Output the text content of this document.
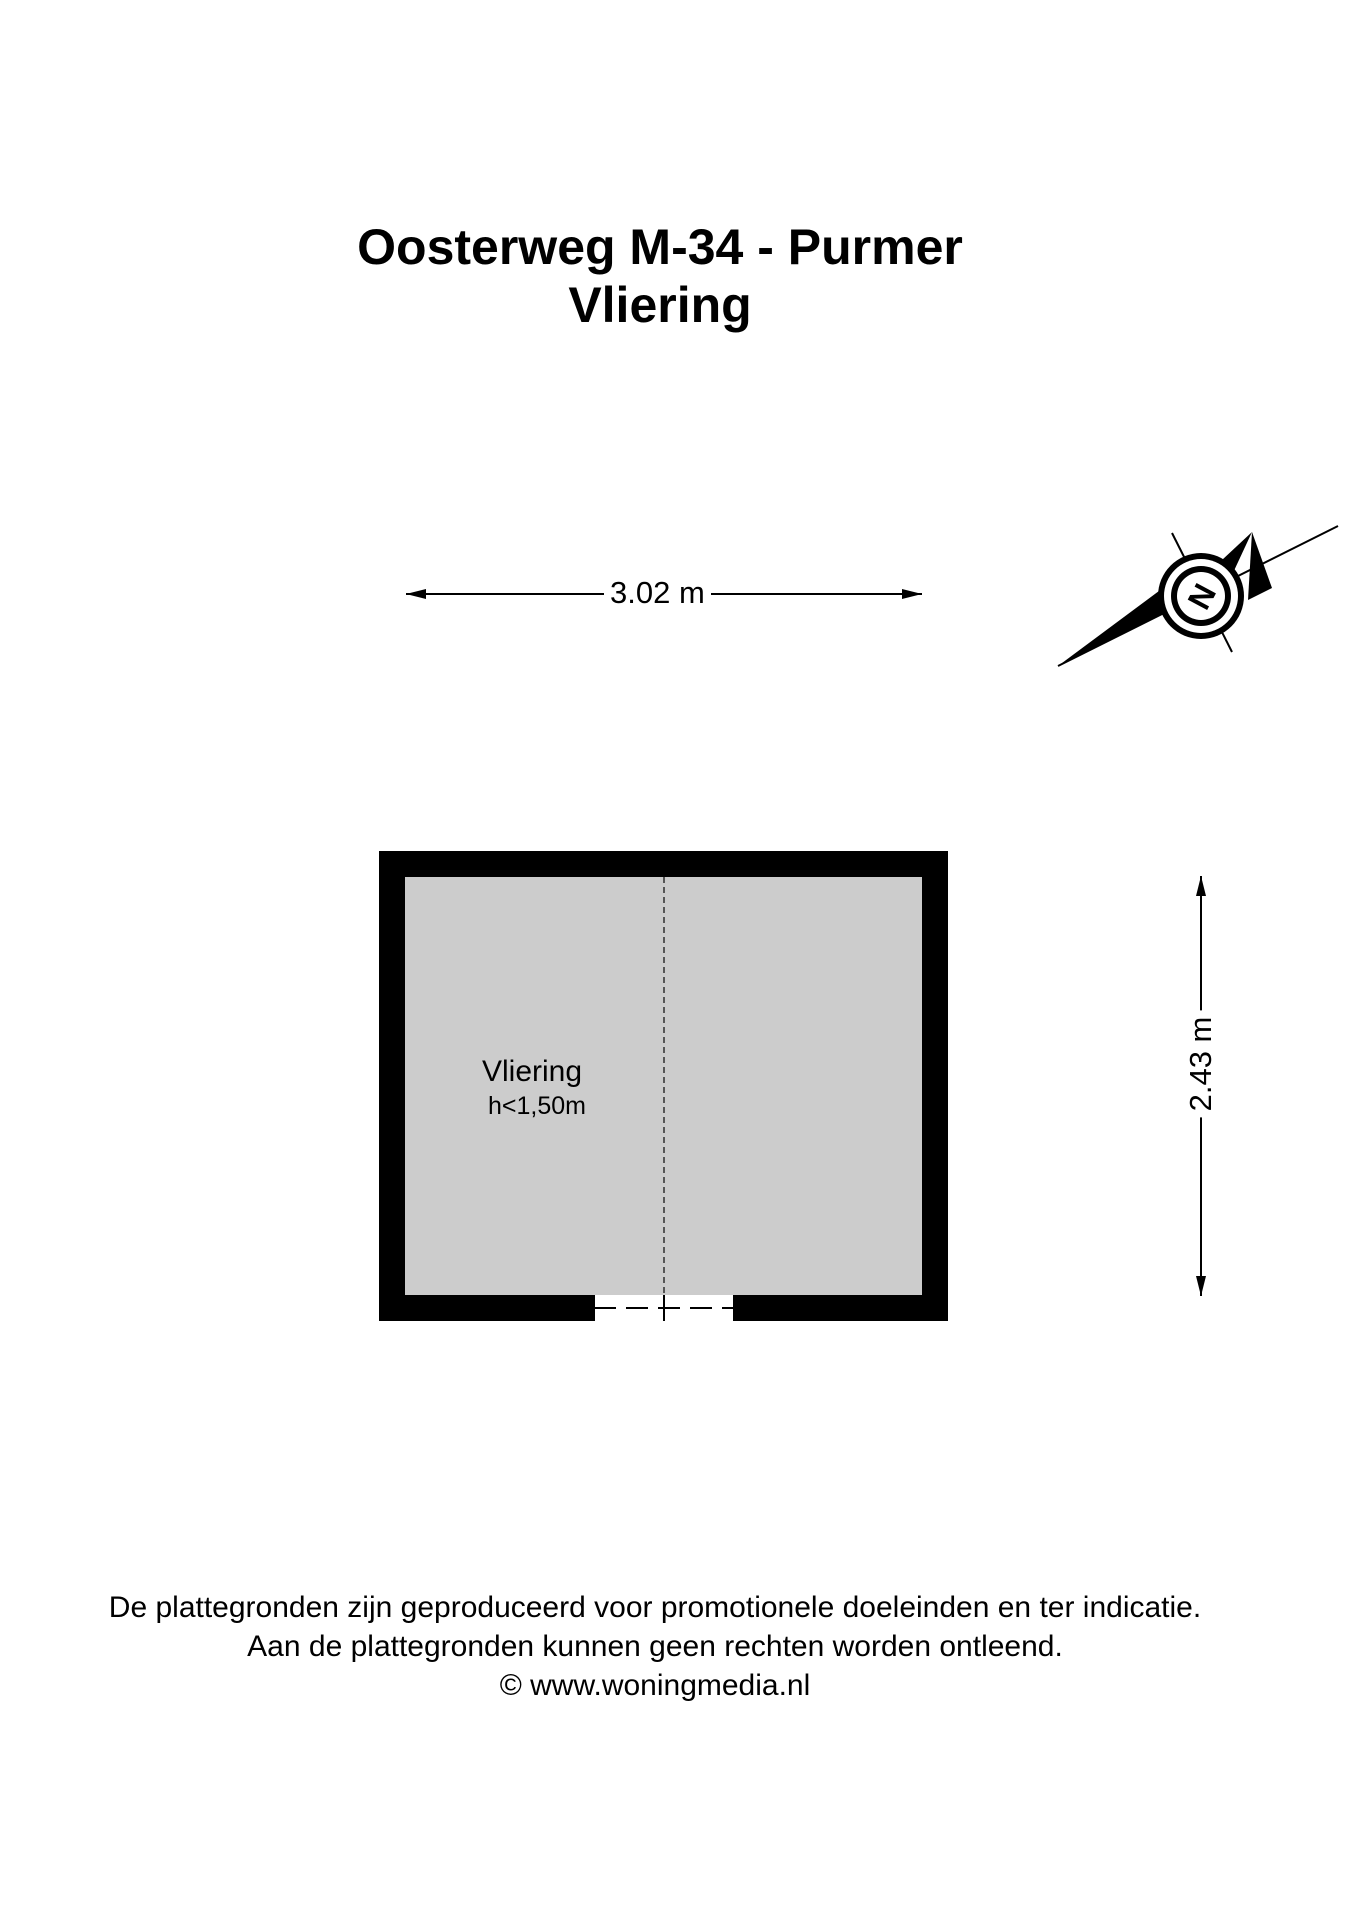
Oosterweg M-34 - Purmer
Vliering
N
3.02 m
2.43 m
Vliering
h<1,50m
De plattegronden zijn geproduceerd voor promotionele doeleinden en ter indicatie.
Aan de plattegronden kunnen geen rechten worden ontleend.
© www.woningmedia.nl
